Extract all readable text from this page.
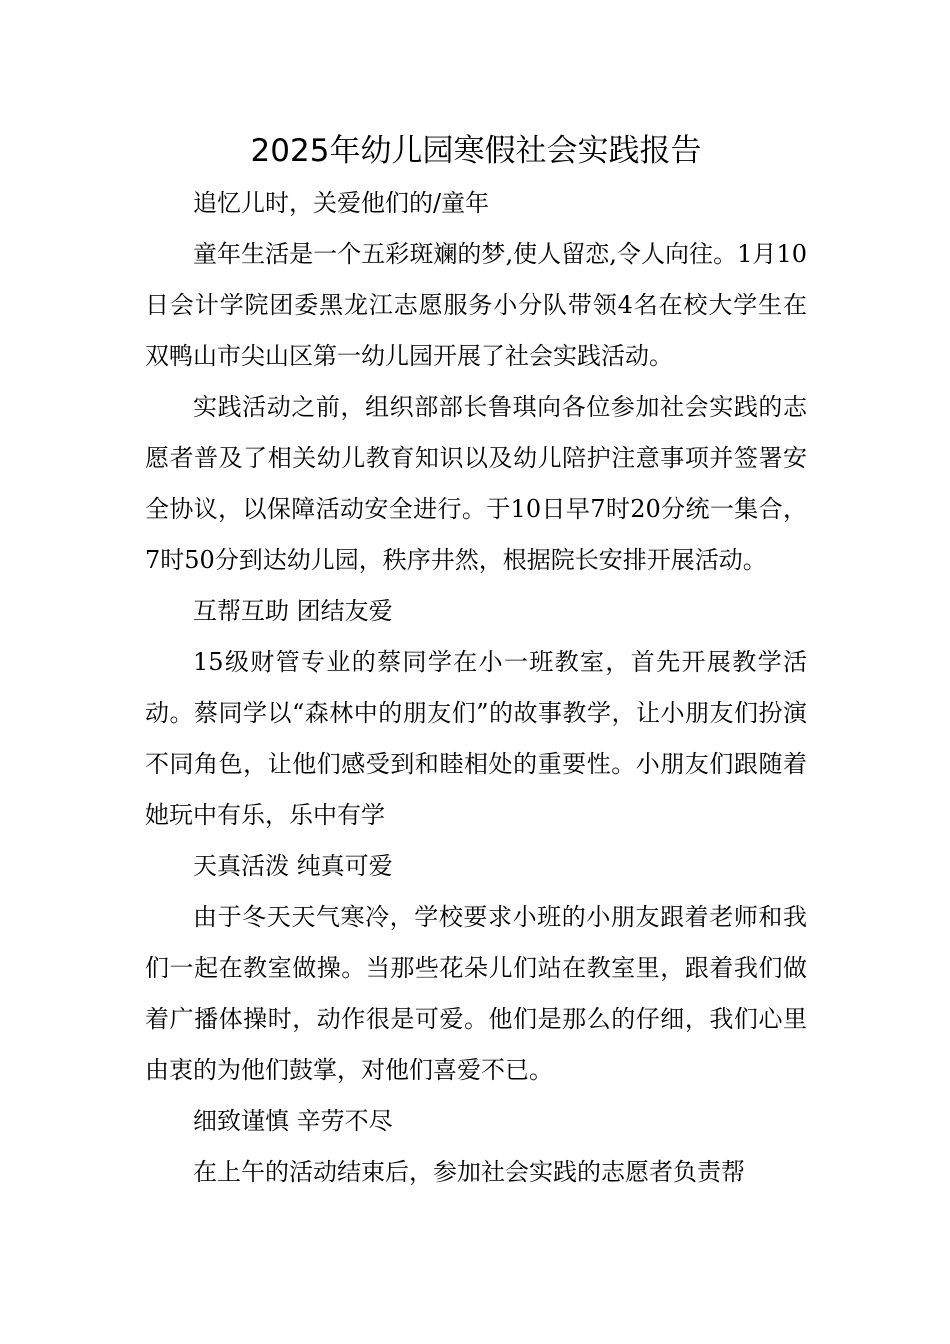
2025年幼儿园寒假社会实践报告

追忆儿时，关爱他们的/童年

童年生活是一个五彩斑斓的梦,使人留恋,令人向往。1月10日会计学院团委黑龙江志愿服务小分队带领4名在校大学生在双鸭山市尖山区第一幼儿园开展了社会实践活动。

实践活动之前，组织部部长鲁琪向各位参加社会实践的志愿者普及了相关幼儿教育知识以及幼儿陪护注意事项并签署安全协议，以保障活动安全进行。于10日早7时20分统一集合，7时50分到达幼儿园，秩序井然，根据院长安排开展活动。

互帮互助 团结友爱

15级财管专业的蔡同学在小一班教室，首先开展教学活动。蔡同学以“森林中的朋友们”的故事教学，让小朋友们扮演不同角色，让他们感受到和睦相处的重要性。小朋友们跟随着她玩中有乐，乐中有学

天真活泼 纯真可爱

由于冬天天气寒冷，学校要求小班的小朋友跟着老师和我们一起在教室做操。当那些花朵儿们站在教室里，跟着我们做着广播体操时，动作很是可爱。他们是那么的仔细，我们心里由衷的为他们鼓掌，对他们喜爱不已。

细致谨慎 辛劳不尽

在上午的活动结束后，参加社会实践的志愿者负责帮
